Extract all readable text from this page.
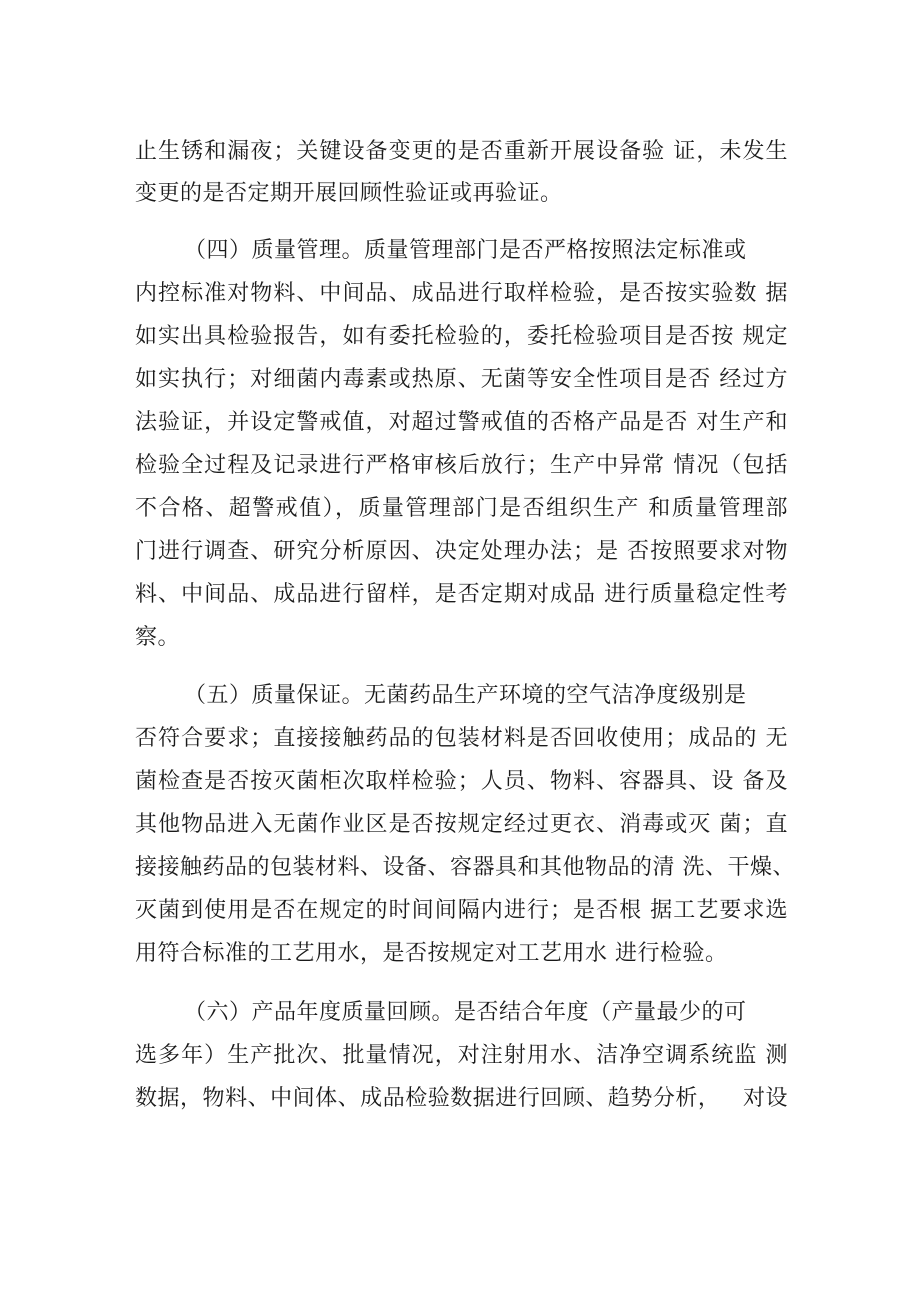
止生锈和漏夜；关键设备变更的是否重新开展设备验 证，未发生
变更的是否定期开展回顾性验证或再验证。
（四）质量管理。质量管理部门是否严格按照法定标准或
内控标准对物料、中间品、成品进行取样检验，是否按实验数 据
如实出具检验报告，如有委托检验的，委托检验项目是否按 规定
如实执行；对细菌内毒素或热原、无菌等安全性项目是否 经过方
法验证，并设定警戒值，对超过警戒值的否格产品是否 对生产和
检验全过程及记录进行严格审核后放行；生产中异常 情况（包括
不合格、超警戒值），质量管理部门是否组织生产 和质量管理部
门进行调查、研究分析原因、决定处理办法；是 否按照要求对物
料、中间品、成品进行留样，是否定期对成品 进行质量稳定性考
察。
（五）质量保证。无菌药品生产环境的空气洁净度级别是
否符合要求；直接接触药品的包装材料是否回收使用；成品的 无
菌检查是否按灭菌柜次取样检验；人员、物料、容器具、设 备及
其他物品进入无菌作业区是否按规定经过更衣、消毒或灭 菌；直
接接触药品的包装材料、设备、容器具和其他物品的清 洗、干燥、
灭菌到使用是否在规定的时间间隔内进行；是否根 据工艺要求选
用符合标准的工艺用水，是否按规定对工艺用水 进行检验。
（六）产品年度质量回顾。是否结合年度（产量最少的可
选多年）生产批次、批量情况，对注射用水、洁净空调系统监 测
数据，物料、中间体、成品检验数据进行回顾、趋势分析，   对设
